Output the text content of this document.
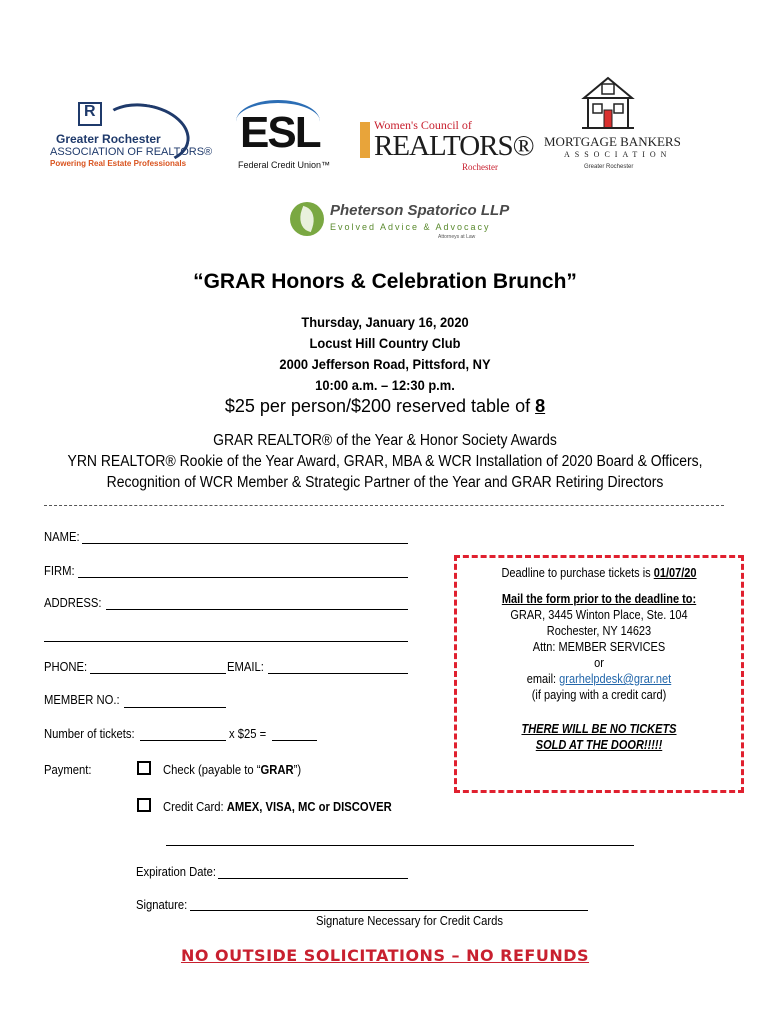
R
Greater Rochester
ASSOCIATION OF REALTORS®
Powering Real Estate Professionals
ESL
Federal Credit Union™
Women's Council of
REALTORS®
Rochester
MORTGAGE BANKERS
ASSOCIATION
Greater Rochester
Pheterson Spatorico LLP
Evolved Advice & Advocacy
Attorneys at Law
“GRAR Honors & Celebration Brunch”
Thursday, January 16, 2020
Locust Hill Country Club
2000 Jefferson Road, Pittsford, NY
10:00 a.m. – 12:30 p.m.
$25 per person/$200 reserved table of 8
GRAR REALTOR® of the Year & Honor Society Awards
YRN REALTOR® Rookie of the Year Award, GRAR, MBA & WCR Installation of 2020 Board & Officers,
Recognition of WCR Member & Strategic Partner of the Year and GRAR Retiring Directors
NAME:
FIRM:
ADDRESS:
PHONE:	EMAIL:
MEMBER NO.:
Number of tickets:	x $25 =
Payment:	Check (payable to “GRAR”)
Credit Card: AMEX, VISA, MC or DISCOVER
Expiration Date:
Signature:
Signature Necessary for Credit Cards
Deadline to purchase tickets is 01/07/20
Mail the form prior to the deadline to:
GRAR, 3445 Winton Place, Ste. 104
Rochester, NY 14623
Attn: MEMBER SERVICES
or
email: grarhelpdesk@grar.net
(if paying with a credit card)
THERE WILL BE NO TICKETS
SOLD AT THE DOOR!!!!!
NO OUTSIDE SOLICITATIONS – NO REFUNDS
